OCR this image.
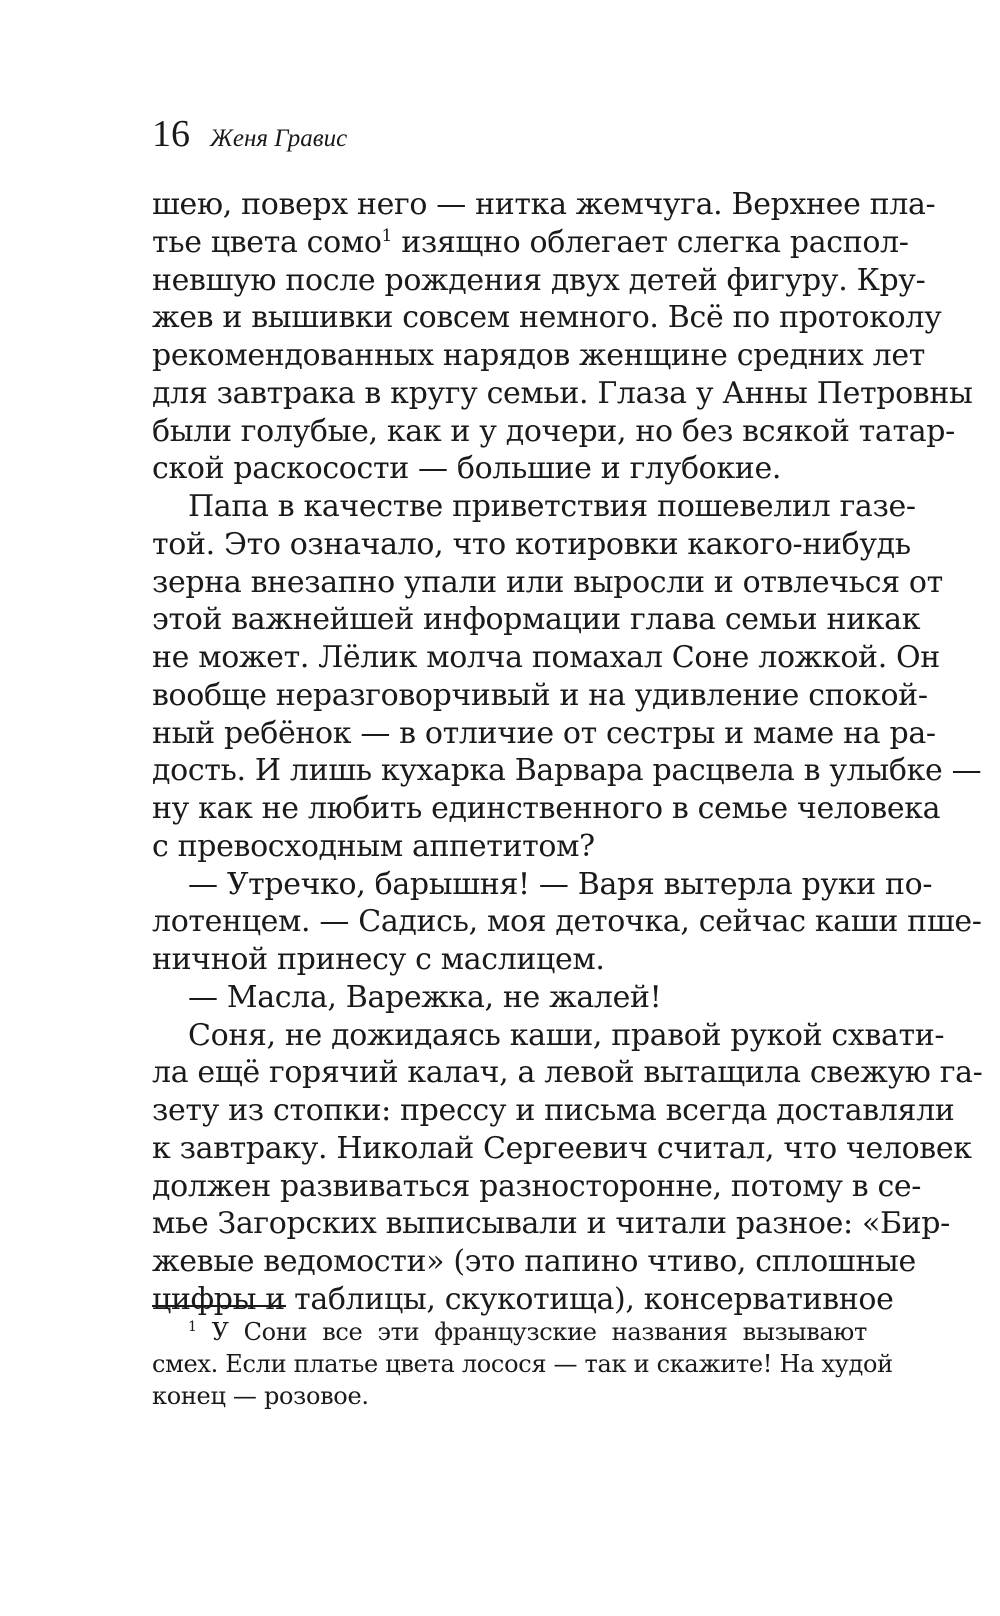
16 Женя Гравис
шею, поверх него — нитка жемчуга. Верхнее пла-
тье цвета сомо$^1$ изящно облегает слегка распол-
невшую после рождения двух детей фигуру. Кру-
жев и вышивки совсем немного. Всё по протоколу
рекомендованных нарядов женщине средних лет
для завтрака в кругу семьи. Глаза у Анны Петровны
были голубые, как и у дочери, но без всякой татар-
ской раскосости — большие и глубокие.
Папа в качестве приветствия пошевелил газе-
той. Это означало, что котировки какого-нибудь
зерна внезапно упали или выросли и отвлечься от
этой важнейшей информации глава семьи никак
не может. Лёлик молча помахал Соне ложкой. Он
вообще неразговорчивый и на удивление спокой-
ный ребёнок — в отличие от сестры и маме на ра-
дость. И лишь кухарка Варвара расцвела в улыбке —
ну как не любить единственного в семье человека
с превосходным аппетитом?
— Утречко, барышня! — Варя вытерла руки по-
лотенцем. — Садись, моя деточка, сейчас каши пше-
ничной принесу с маслицем.
— Масла, Варежка, не жалей!
Соня, не дожидаясь каши, правой рукой схвати-
ла ещё горячий калач, а левой вытащила свежую га-
зету из стопки: прессу и письма всегда доставляли
к завтраку. Николай Сергеевич считал, что человек
должен развиваться разносторонне, потому в се-
мье Загорских выписывали и читали разное: «Бир-
жевые ведомости» (это папино чтиво, сплошные
цифры и таблицы, скукотища), консервативное
$^1$ У Сони все эти французские названия вызывают
смех. Если платье цвета лосося — так и скажите! На худой
конец — розовое.
